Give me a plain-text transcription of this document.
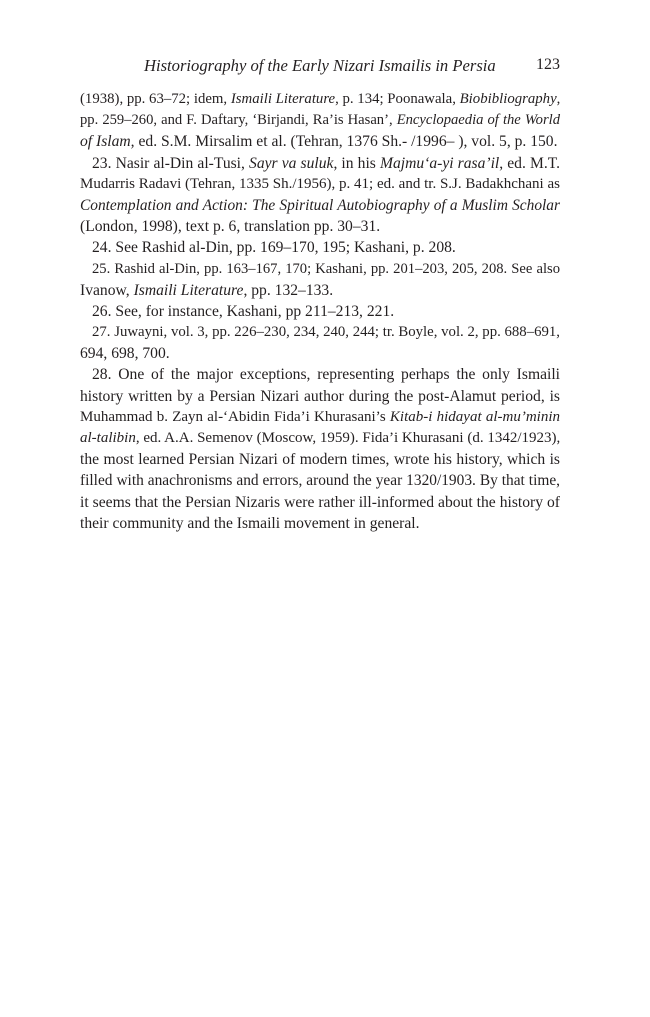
Historiography of the Early Nizari Ismailis in Persia	123
(1938), pp. 63–72; idem, Ismaili Literature, p. 134; Poonawala, Biobibliography,
pp. 259–260, and F. Daftary, ‘Birjandi, Ra’is Hasan’, Encyclopaedia of the World
of Islam, ed. S.M. Mirsalim et al. (Tehran, 1376 Sh.- /1996– ), vol. 5, p. 150.
23. Nasir al-Din al-Tusi, Sayr va suluk, in his Majmu‘a-yi rasa’il, ed. M.T.
Mudarris Radavi (Tehran, 1335 Sh./1956), p. 41; ed. and tr. S.J. Badakhchani as
Contemplation and Action: The Spiritual Autobiography of a Muslim Scholar
(London, 1998), text p. 6, translation pp. 30–31.
24. See Rashid al-Din, pp. 169–170, 195; Kashani, p. 208.
25. Rashid al-Din, pp. 163–167, 170; Kashani, pp. 201–203, 205, 208. See also
Ivanow, Ismaili Literature, pp. 132–133.
26. See, for instance, Kashani, pp 211–213, 221.
27. Juwayni, vol. 3, pp. 226–230, 234, 240, 244; tr. Boyle, vol. 2, pp. 688–691,
694, 698, 700.
28. One of the major exceptions, representing perhaps the only Ismaili
history written by a Persian Nizari author during the post-Alamut period, is
Muhammad b. Zayn al-‘Abidin Fida’i Khurasani’s Kitab-i hidayat al-mu’minin
al-talibin, ed. A.A. Semenov (Moscow, 1959). Fida’i Khurasani (d. 1342/1923),
the most learned Persian Nizari of modern times, wrote his history, which is
filled with anachronisms and errors, around the year 1320/1903. By that time,
it seems that the Persian Nizaris were rather ill-informed about the history of
their community and the Ismaili movement in general.
